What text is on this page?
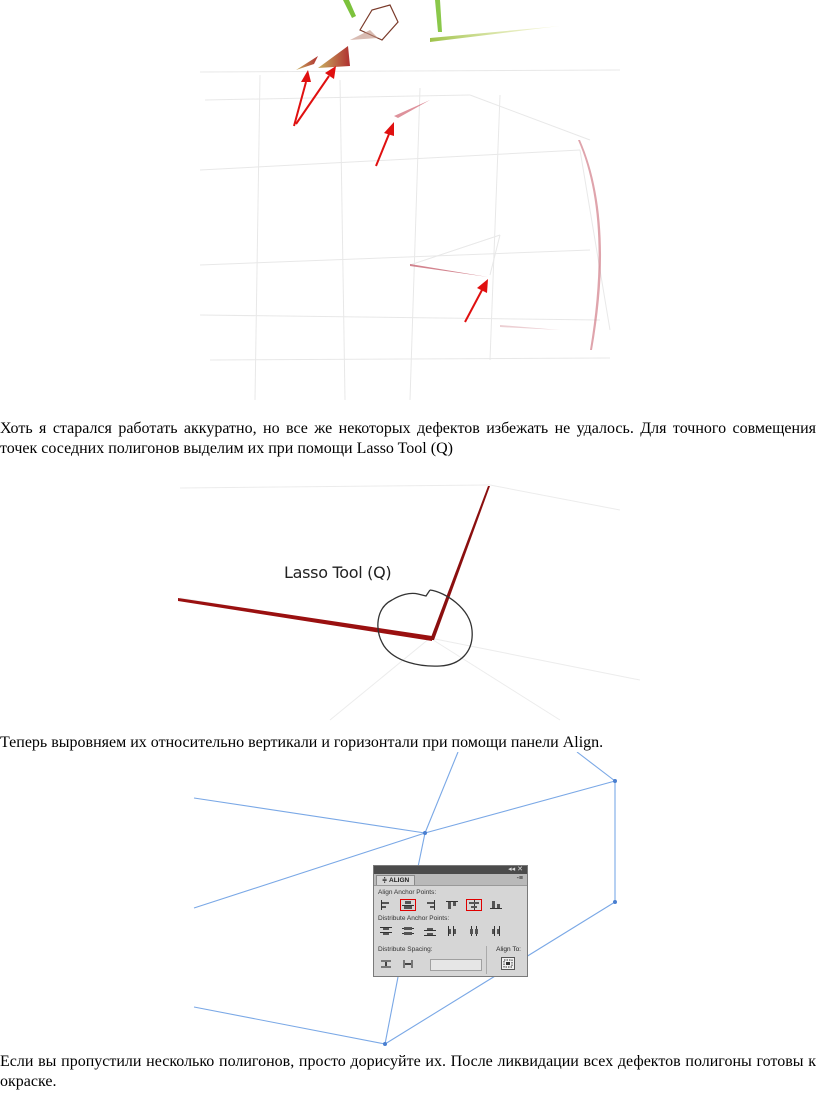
Хоть я старался работать аккуратно, но все же некоторых дефектов избежать не удалось. Для точного совмещения точек соседних полигонов выделим их при помощи Lasso Tool (Q)

Lasso Tool (Q)

Теперь выровняем их относительно вертикали и горизонтали при помощи панели Align.

◂◂ ✕
≑ ALIGN	-≡
Align Anchor Points:
Distribute Anchor Points:
Distribute Spacing:	Align To:

Если вы пропустили несколько полигонов, просто дорисуйте их. После ликвидации всех дефектов полигоны готовы к окраске.
